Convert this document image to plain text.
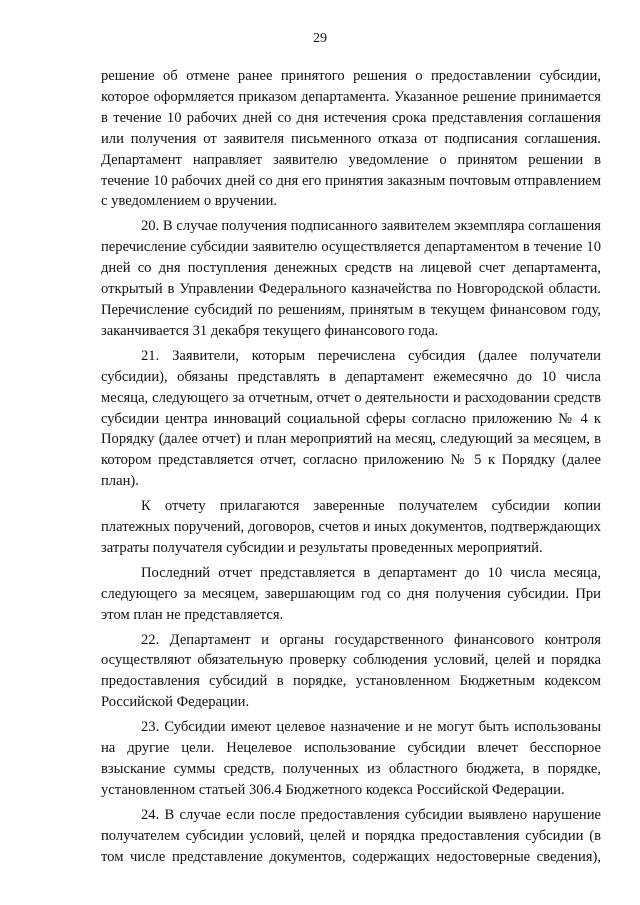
29

решение об отмене ранее принятого решения о предоставлении субсидии, которое оформляется приказом департамента. Указанное решение принимается в течение 10 рабочих дней со дня истечения срока представления соглашения или получения от заявителя письменного отказа от подписания соглашения. Департамент направляет заявителю уведомление о принятом решении в течение 10 рабочих дней со дня его принятия заказным почтовым отправлением с уведомлением о вручении.

20. В случае получения подписанного заявителем экземпляра соглашения перечисление субсидии заявителю осуществляется департаментом в течение 10 дней со дня поступления денежных средств на лицевой счет департамента, открытый в Управлении Федерального казначейства по Новгородской области. Перечисление субсидий по решениям, принятым в текущем финансовом году, заканчивается 31 декабря текущего финансового года.

21. Заявители, которым перечислена субсидия (далее получатели субсидии), обязаны представлять в департамент ежемесячно до 10 числа месяца, следующего за отчетным, отчет о деятельности и расходовании средств субсидии центра инноваций социальной сферы согласно приложению № 4 к Порядку (далее отчет) и план мероприятий на месяц, следующий за месяцем, в котором представляется отчет, согласно приложению № 5 к Порядку (далее план).

К отчету прилагаются заверенные получателем субсидии копии платежных поручений, договоров, счетов и иных документов, подтверждающих затраты получателя субсидии и результаты проведенных мероприятий.

Последний отчет представляется в департамент до 10 числа месяца, следующего за месяцем, завершающим год со дня получения субсидии. При этом план не представляется.

22. Департамент и органы государственного финансового контроля осуществляют обязательную проверку соблюдения условий, целей и порядка предоставления субсидий в порядке, установленном Бюджетным кодексом Российской Федерации.

23. Субсидии имеют целевое назначение и не могут быть использованы на другие цели. Нецелевое использование субсидии влечет бесспорное взыскание суммы средств, полученных из областного бюджета, в порядке, установленном статьей 306.4 Бюджетного кодекса Российской Федерации.

24. В случае если после предоставления субсидии выявлено нарушение получателем субсидии условий, целей и порядка предоставления субсидии (в том числе представление документов, содержащих недостоверные сведения),
